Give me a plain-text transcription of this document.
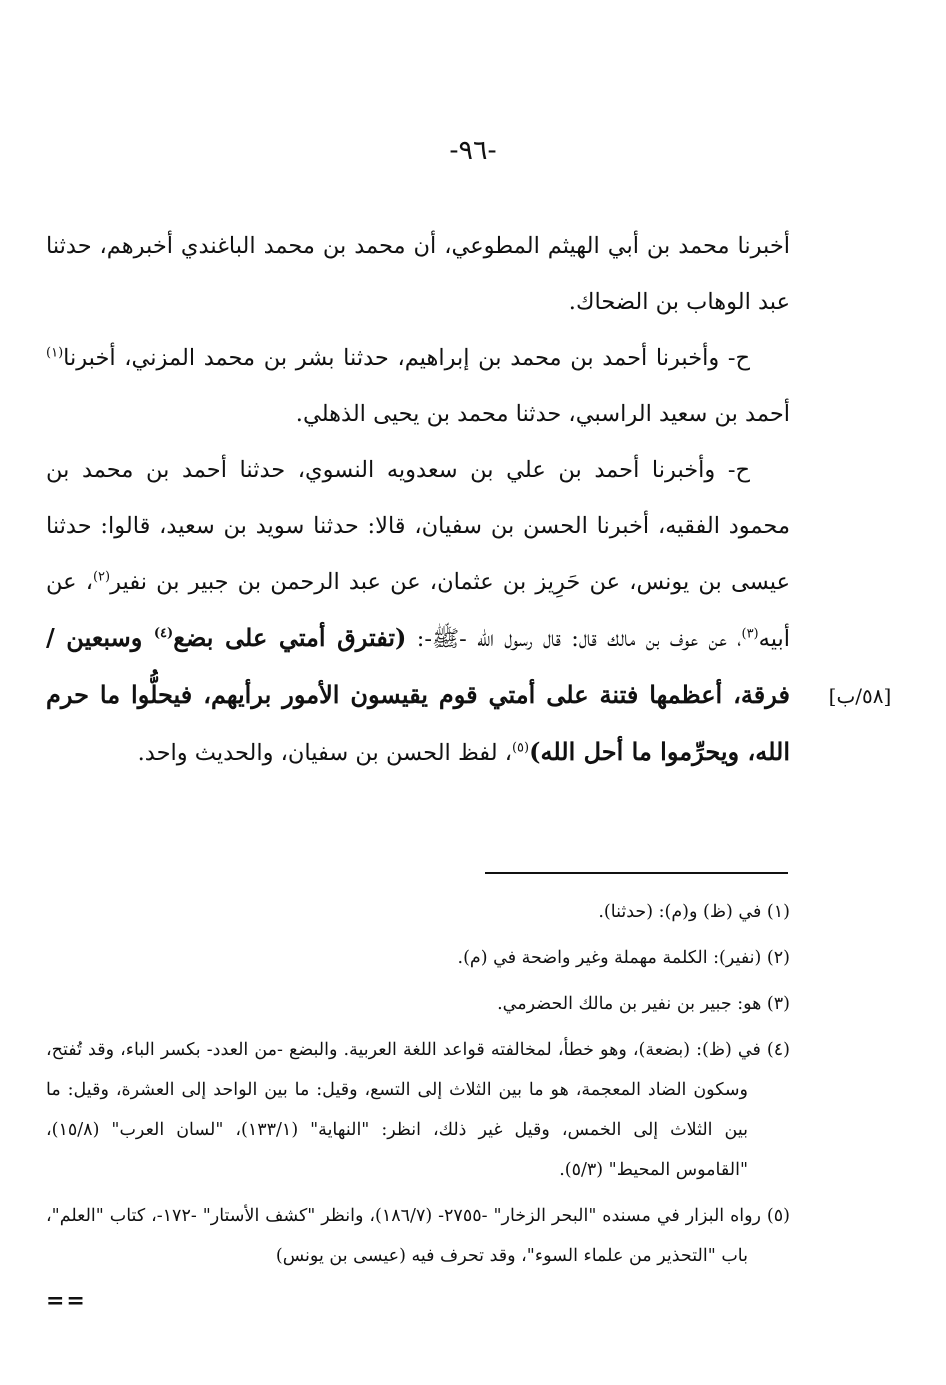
-٩٦-
[٥٨/ب]

أخبرنا محمد بن أبي الهيثم المطوعي، أن محمد بن محمد الباغندي أخبرهم، حدثنا عبد الوهاب بن الضحاك.

ح- وأخبرنا أحمد بن محمد بن إبراهيم، حدثنا بشر بن محمد المزني، أخبرنا$^{(١)}$ أحمد بن سعيد الراسبي، حدثنا محمد بن يحيى الذهلي.

ح- وأخبرنا أحمد بن علي بن سعدويه النسوي، حدثنا أحمد بن محمد بن محمود الفقيه، أخبرنا الحسن بن سفيان، قالا: حدثنا سويد بن سعيد، قالوا: حدثنا عيسى بن يونس، عن حَرِيز بن عثمان، عن عبد الرحمن بن جبير بن نفير$^{(٢)}$، عن أبيه$^{(٣)}$، عن عوف بن مالك قال: قال رسول الله -ﷺ-: (تفترق أمتي على بضع$^{(٤)}$ وسبعين / فرقة، أعظمها فتنة على أمتي قوم يقيسون الأمور برأيهم، فيحلُّوا ما حرم الله، ويحرِّموا ما أحل الله)$^{(٥)}$، لفظ الحسن بن سفيان، والحديث واحد.

(١) في (ظ) و(م): (حدثنا).

(٢) (نفير): الكلمة مهملة وغير واضحة في (م).

(٣) هو: جبير بن نفير بن مالك الحضرمي.

(٤) في (ظ): (بضعة)، وهو خطأ، لمخالفته قواعد اللغة العربية. والبضع -من العدد- بكسر الباء، وقد تُفتح، وسكون الضاد المعجمة، هو ما بين الثلاث إلى التسع، وقيل: ما بين الواحد إلى العشرة، وقيل: ما بين الثلاث إلى الخمس، وقيل غير ذلك، انظر: "النهاية" (١٣٣/١)، "لسان العرب" (١٥/٨)، "القاموس المحيط" (٥/٣).

(٥) رواه البزار في مسنده "البحر الزخار" -٢٧٥٥- (١٨٦/٧)، وانظر "كشف الأستار" -١٧٢-، كتاب "العلم"، باب "التحذير من علماء السوء"، وقد تحرف فيه (عيسى بن يونس)

==
